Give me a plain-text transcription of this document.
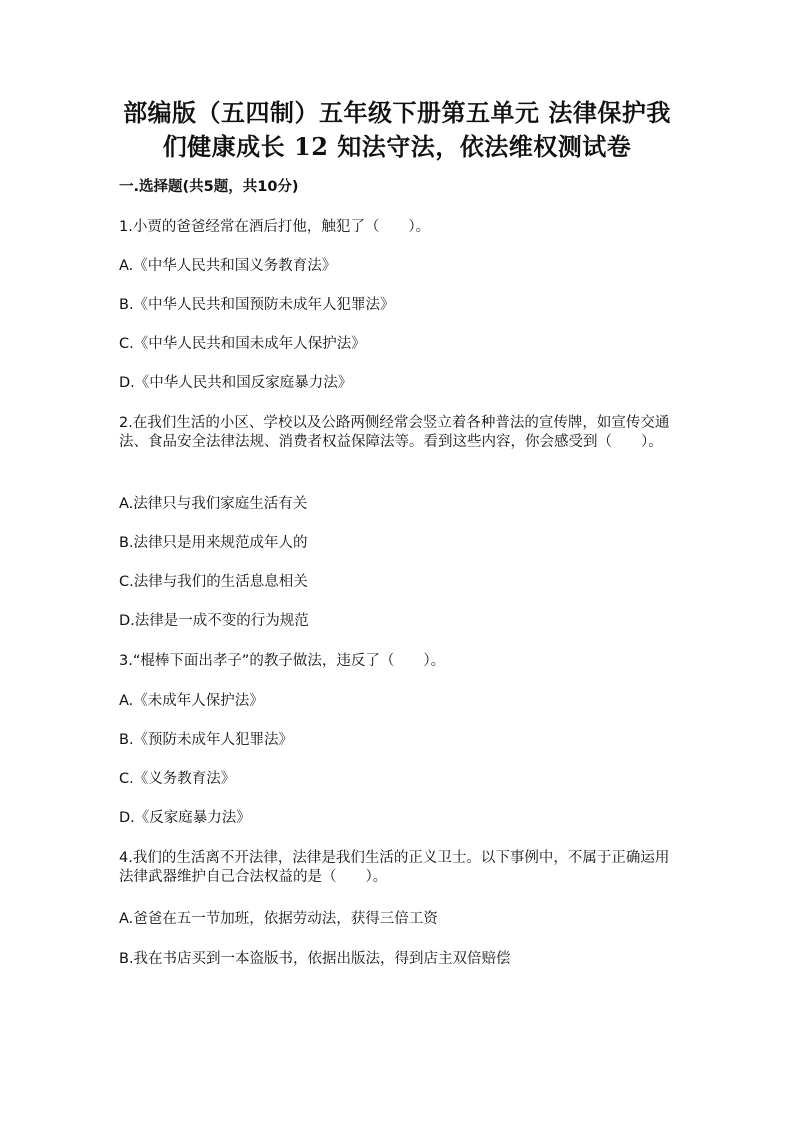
部编版（五四制）五年级下册第五单元 法律保护我
们健康成长 12 知法守法，依法维权测试卷
一.选择题(共5题，共10分)
1.小贾的爸爸经常在酒后打他，触犯了（　　）。
A.《中华人民共和国义务教育法》
B.《中华人民共和国预防未成年人犯罪法》
C.《中华人民共和国未成年人保护法》
D.《中华人民共和国反家庭暴力法》
2.在我们生活的小区、学校以及公路两侧经常会竖立着各种普法的宣传牌，如宣传交通法、食品安全法律法规、消费者权益保障法等。看到这些内容，你会感受到（　　）。
A.法律只与我们家庭生活有关
B.法律只是用来规范成年人的
C.法律与我们的生活息息相关
D.法律是一成不变的行为规范
3.“棍棒下面出孝子”的教子做法，违反了（　　）。
A.《未成年人保护法》
B.《预防未成年人犯罪法》
C.《义务教育法》
D.《反家庭暴力法》
4.我们的生活离不开法律，法律是我们生活的正义卫士。以下事例中，不属于正确运用法律武器维护自己合法权益的是（　　）。
A.爸爸在五一节加班，依据劳动法，获得三倍工资
B.我在书店买到一本盗版书，依据出版法，得到店主双倍赔偿
